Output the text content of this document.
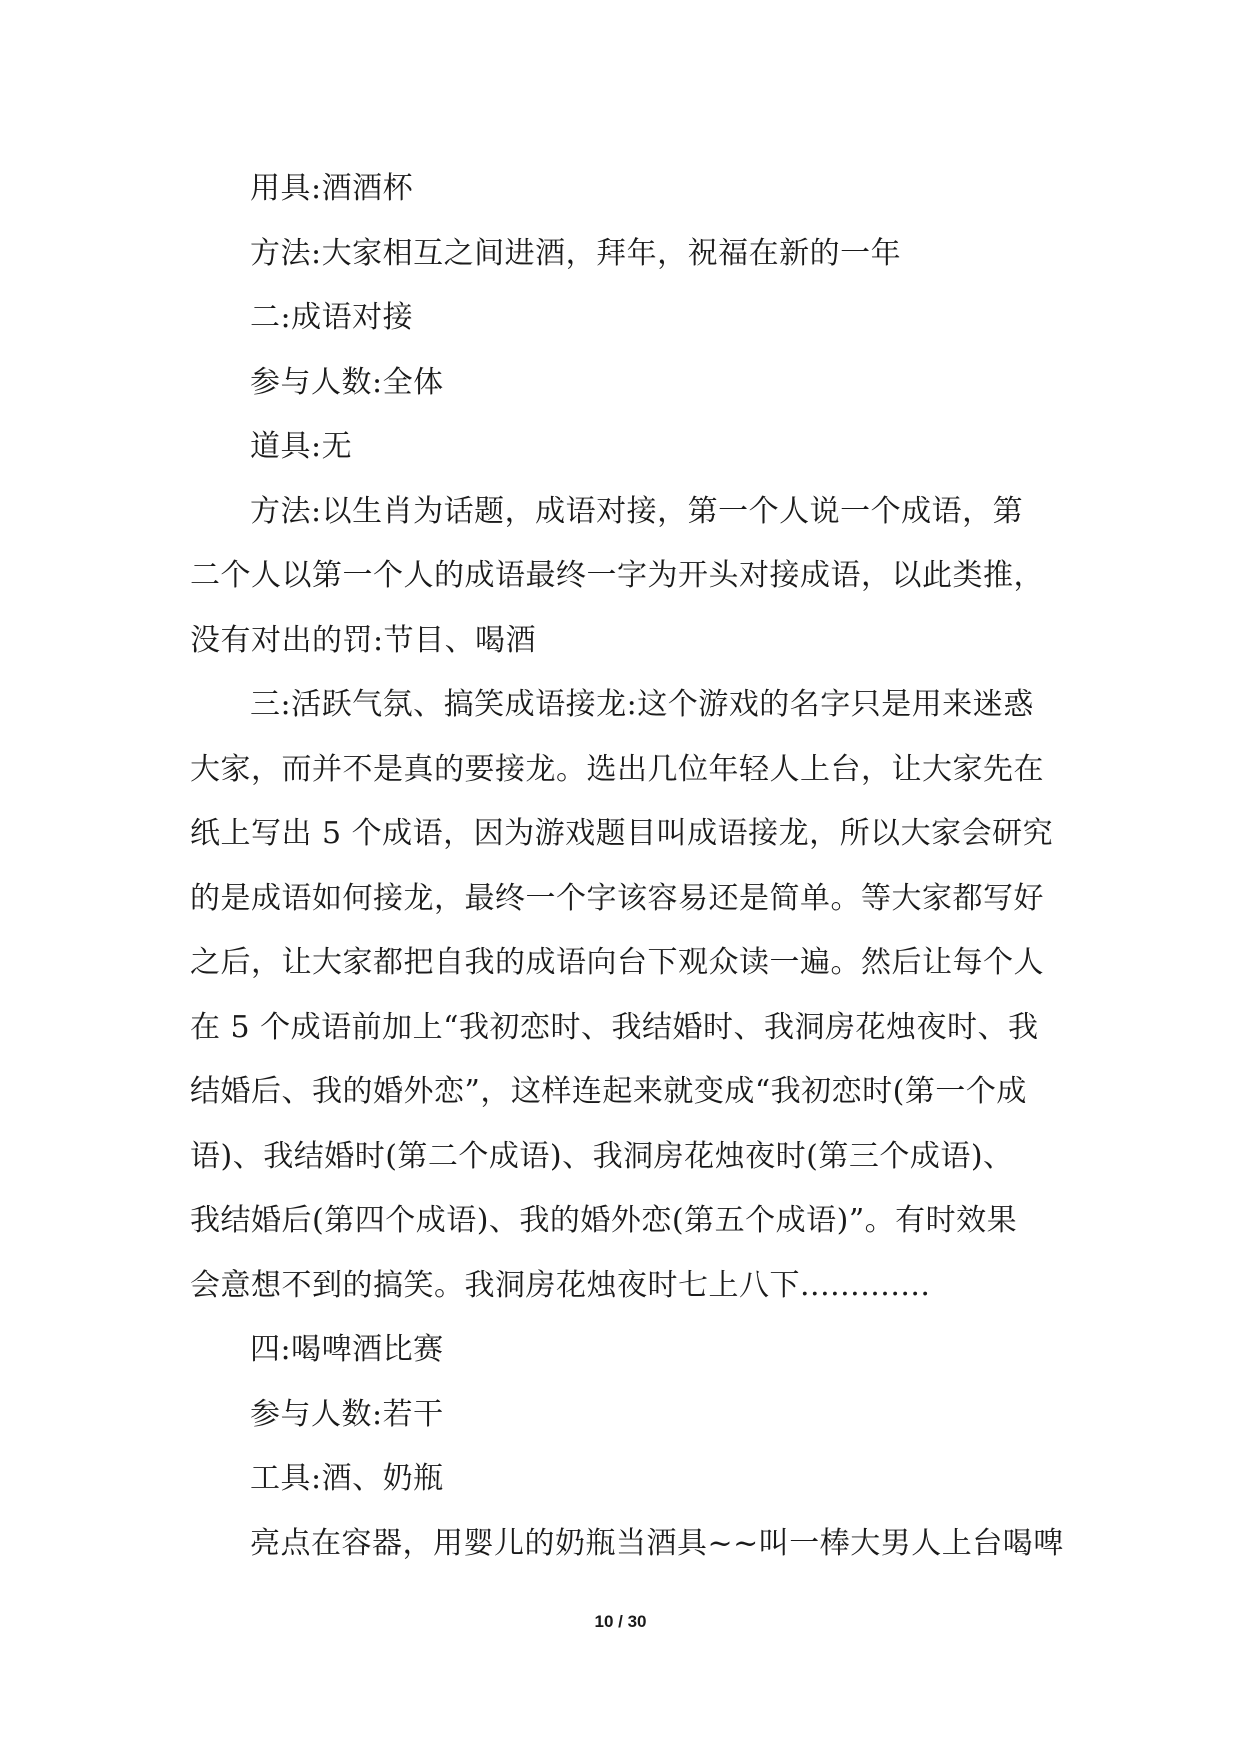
用具:酒酒杯
方法:大家相互之间进酒，拜年，祝福在新的一年
二:成语对接
参与人数:全体
道具:无
方法:以生肖为话题，成语对接，第一个人说一个成语，第
二个人以第一个人的成语最终一字为开头对接成语，以此类推，
没有对出的罚:节目、喝酒
三:活跃气氛、搞笑成语接龙:这个游戏的名字只是用来迷惑
大家，而并不是真的要接龙。选出几位年轻人上台，让大家先在
纸上写出 5 个成语，因为游戏题目叫成语接龙，所以大家会研究
的是成语如何接龙，最终一个字该容易还是简单。等大家都写好
之后，让大家都把自我的成语向台下观众读一遍。然后让每个人
在 5 个成语前加上“我初恋时、我结婚时、我洞房花烛夜时、我
结婚后、我的婚外恋”，这样连起来就变成“我初恋时(第一个成
语)、我结婚时(第二个成语)、我洞房花烛夜时(第三个成语)、
我结婚后(第四个成语)、我的婚外恋(第五个成语)”。有时效果
会意想不到的搞笑。我洞房花烛夜时七上八下.............
四:喝啤酒比赛
参与人数:若干
工具:酒、奶瓶
亮点在容器，用婴儿的奶瓶当酒具~~叫一棒大男人上台喝啤
10 / 30
